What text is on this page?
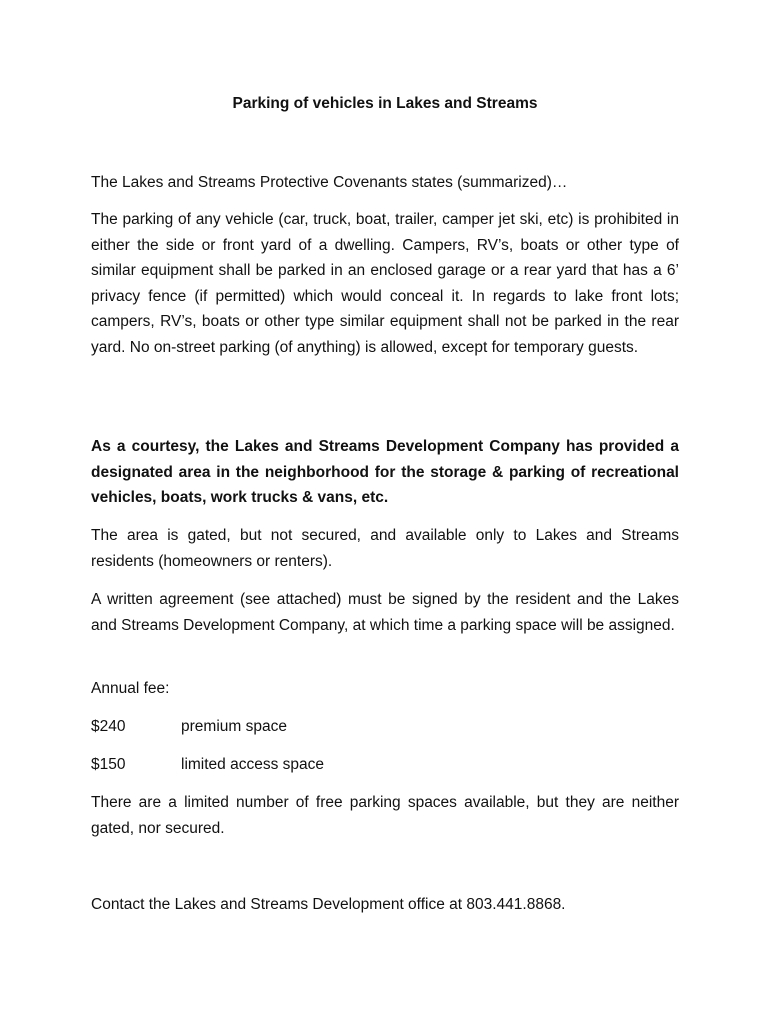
Parking of vehicles in Lakes and Streams
The Lakes and Streams Protective Covenants states (summarized)…
The parking of any vehicle (car, truck, boat, trailer, camper jet ski, etc) is prohibited in either the side or front yard of a dwelling. Campers, RV’s, boats or other type of similar equipment shall be parked in an enclosed garage or a rear yard that has a 6’ privacy fence (if permitted) which would conceal it. In regards to lake front lots; campers, RV’s, boats or other type similar equipment shall not be parked in the rear yard. No on-street parking (of anything) is allowed, except for temporary guests.
As a courtesy, the Lakes and Streams Development Company has provided a designated area in the neighborhood for the storage & parking of recreational vehicles, boats, work trucks & vans, etc.
The area is gated, but not secured, and available only to Lakes and Streams residents (homeowners or renters).
A written agreement (see attached) must be signed by the resident and the Lakes and Streams Development Company, at which time a parking space will be assigned.
Annual fee:
$240	premium space
$150	limited access space
There are a limited number of free parking spaces available, but they are neither gated, nor secured.
Contact the Lakes and Streams Development office at 803.441.8868.
